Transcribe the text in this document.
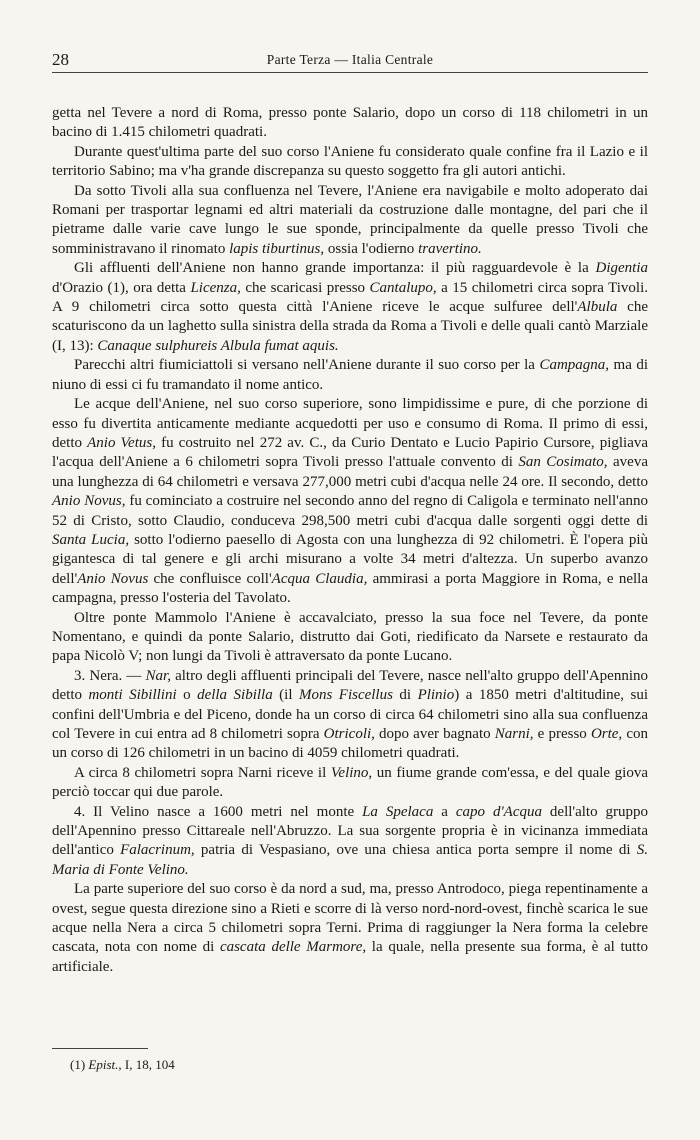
28	Parte Terza — Italia Centrale

getta nel Tevere a nord di Roma, presso ponte Salario, dopo un corso di 118 chilometri in un bacino di 1.415 chilometri quadrati.

Durante quest'ultima parte del suo corso l'Aniene fu considerato quale confine fra il Lazio e il territorio Sabino; ma v'ha grande discrepanza su questo soggetto fra gli autori antichi.

Da sotto Tivoli alla sua confluenza nel Tevere, l'Aniene era navigabile e molto adoperato dai Romani per trasportar legnami ed altri materiali da costruzione dalle montagne, del pari che il pietrame dalle varie cave lungo le sue sponde, principalmente da quelle presso Tivoli che somministravano il rinomato lapis tiburtinus, ossia l'odierno travertino.

Gli affluenti dell'Aniene non hanno grande importanza: il più ragguardevole è la Digentia d'Orazio (1), ora detta Licenza, che scaricasi presso Cantalupo, a 15 chilometri circa sopra Tivoli. A 9 chilometri circa sotto questa città l'Aniene riceve le acque sulfuree dell'Albula che scaturiscono da un laghetto sulla sinistra della strada da Roma a Tivoli e delle quali cantò Marziale (I, 13): Canaque sulphureis Albula fumat aquis.

Parecchi altri fiumiciattoli si versano nell'Aniene durante il suo corso per la Campagna, ma di niuno di essi ci fu tramandato il nome antico.

Le acque dell'Aniene, nel suo corso superiore, sono limpidissime e pure, di che porzione di esso fu divertita anticamente mediante acquedotti per uso e consumo di Roma. Il primo di essi, detto Anio Vetus, fu costruito nel 272 av. C., da Curio Dentato e Lucio Papirio Cursore, pigliava l'acqua dell'Aniene a 6 chilometri sopra Tivoli presso l'attuale convento di San Cosimato, aveva una lunghezza di 64 chilometri e versava 277,000 metri cubi d'acqua nelle 24 ore. Il secondo, detto Anio Novus, fu cominciato a costruire nel secondo anno del regno di Caligola e terminato nell'anno 52 di Cristo, sotto Claudio, conduceva 298,500 metri cubi d'acqua dalle sorgenti oggi dette di Santa Lucia, sotto l'odierno paesello di Agosta con una lunghezza di 92 chilometri. È l'opera più gigantesca di tal genere e gli archi misurano a volte 34 metri d'altezza. Un superbo avanzo dell'Anio Novus che confluisce coll'Acqua Claudia, ammirasi a porta Maggiore in Roma, e nella campagna, presso l'osteria del Tavolato.

Oltre ponte Mammolo l'Aniene è accavalciato, presso la sua foce nel Tevere, da ponte Nomentano, e quindi da ponte Salario, distrutto dai Goti, riedificato da Narsete e restaurato da papa Nicolò V; non lungi da Tivoli è attraversato da ponte Lucano.

3. Nera. — Nar, altro degli affluenti principali del Tevere, nasce nell'alto gruppo dell'Apennino detto monti Sibillini o della Sibilla (il Mons Fiscellus di Plinio) a 1850 metri d'altitudine, sui confini dell'Umbria e del Piceno, donde ha un corso di circa 64 chilometri sino alla sua confluenza col Tevere in cui entra ad 8 chilometri sopra Otricoli, dopo aver bagnato Narni, e presso Orte, con un corso di 126 chilometri in un bacino di 4059 chilometri quadrati.

A circa 8 chilometri sopra Narni riceve il Velino, un fiume grande com'essa, e del quale giova perciò toccar qui due parole.

4. Il Velino nasce a 1600 metri nel monte La Spelaca a capo d'Acqua dell'alto gruppo dell'Apennino presso Cittareale nell'Abruzzo. La sua sorgente propria è in vicinanza immediata dell'antico Falacrinum, patria di Vespasiano, ove una chiesa antica porta sempre il nome di S. Maria di Fonte Velino.

La parte superiore del suo corso è da nord a sud, ma, presso Antrodoco, piega repentinamente a ovest, segue questa direzione sino a Rieti e scorre di là verso nord-nord-ovest, finchè scarica le sue acque nella Nera a circa 5 chilometri sopra Terni. Prima di raggiunger la Nera forma la celebre cascata, nota con nome di cascata delle Marmore, la quale, nella presente sua forma, è al tutto artificiale.

(1) Epist., I, 18, 104
